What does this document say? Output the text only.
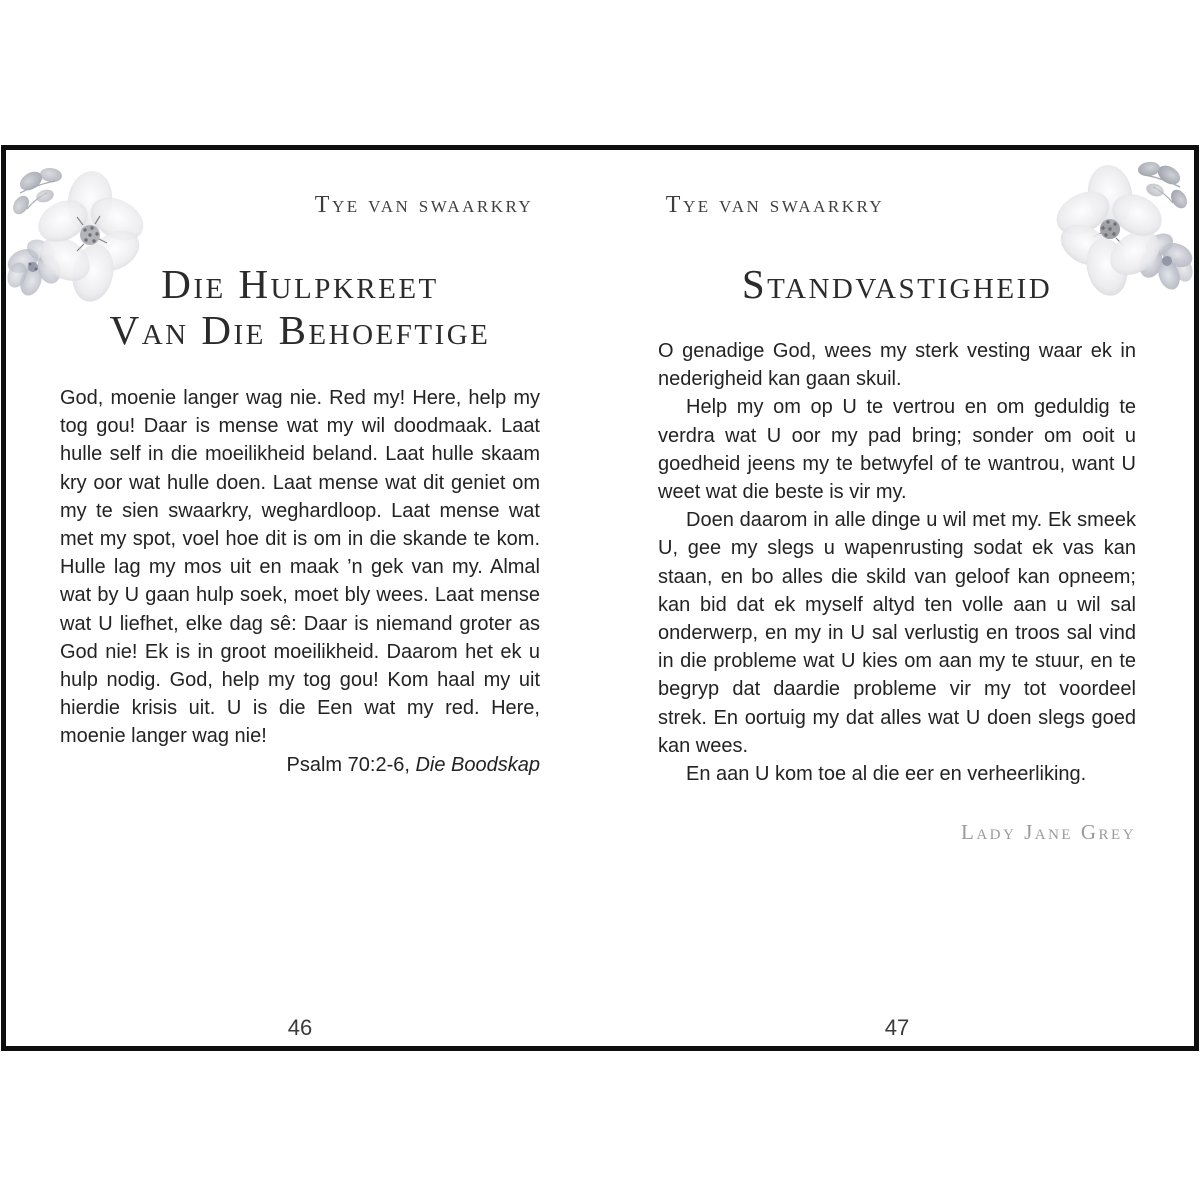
Tye van swaarkry
Die Hulpkreet
Van Die Behoeftige
God, moenie langer wag nie. Red my! Here, help my tog gou! Daar is mense wat my wil doodmaak. Laat hulle self in die moeilikheid beland. Laat hulle skaam kry oor wat hulle doen. Laat mense wat dit geniet om my te sien swaarkry, weghardloop. Laat mense wat met my spot, voel hoe dit is om in die skande te kom. Hulle lag my mos uit en maak ’n gek van my. Almal wat by U gaan hulp soek, moet bly wees. Laat mense wat U liefhet, elke dag sê: Daar is niemand groter as God nie! Ek is in groot moeilikheid. Daarom het ek u hulp nodig. God, help my tog gou! Kom haal my uit hierdie krisis uit. U is die Een wat my red. Here, moenie langer wag nie!
Psalm 70:2-6, Die Boodskap
46
Tye van swaarkry
Standvastigheid

O genadige God, wees my sterk vesting waar ek in nederigheid kan gaan skuil.

Help my om op U te vertrou en om geduldig te verdra wat U oor my pad bring; sonder om ooit u goedheid jeens my te betwyfel of te wantrou, want U weet wat die beste is vir my.

Doen daarom in alle dinge u wil met my. Ek smeek U, gee my slegs u wapenrusting sodat ek vas kan staan, en bo alles die skild van geloof kan opneem; kan bid dat ek myself altyd ten volle aan u wil sal onderwerp, en my in U sal verlustig en troos sal vind in die probleme wat U kies om aan my te stuur, en te begryp dat daardie probleme vir my tot voordeel strek. En oortuig my dat alles wat U doen slegs goed kan wees.

En aan U kom toe al die eer en verheerliking.

Lady Jane Grey
47
